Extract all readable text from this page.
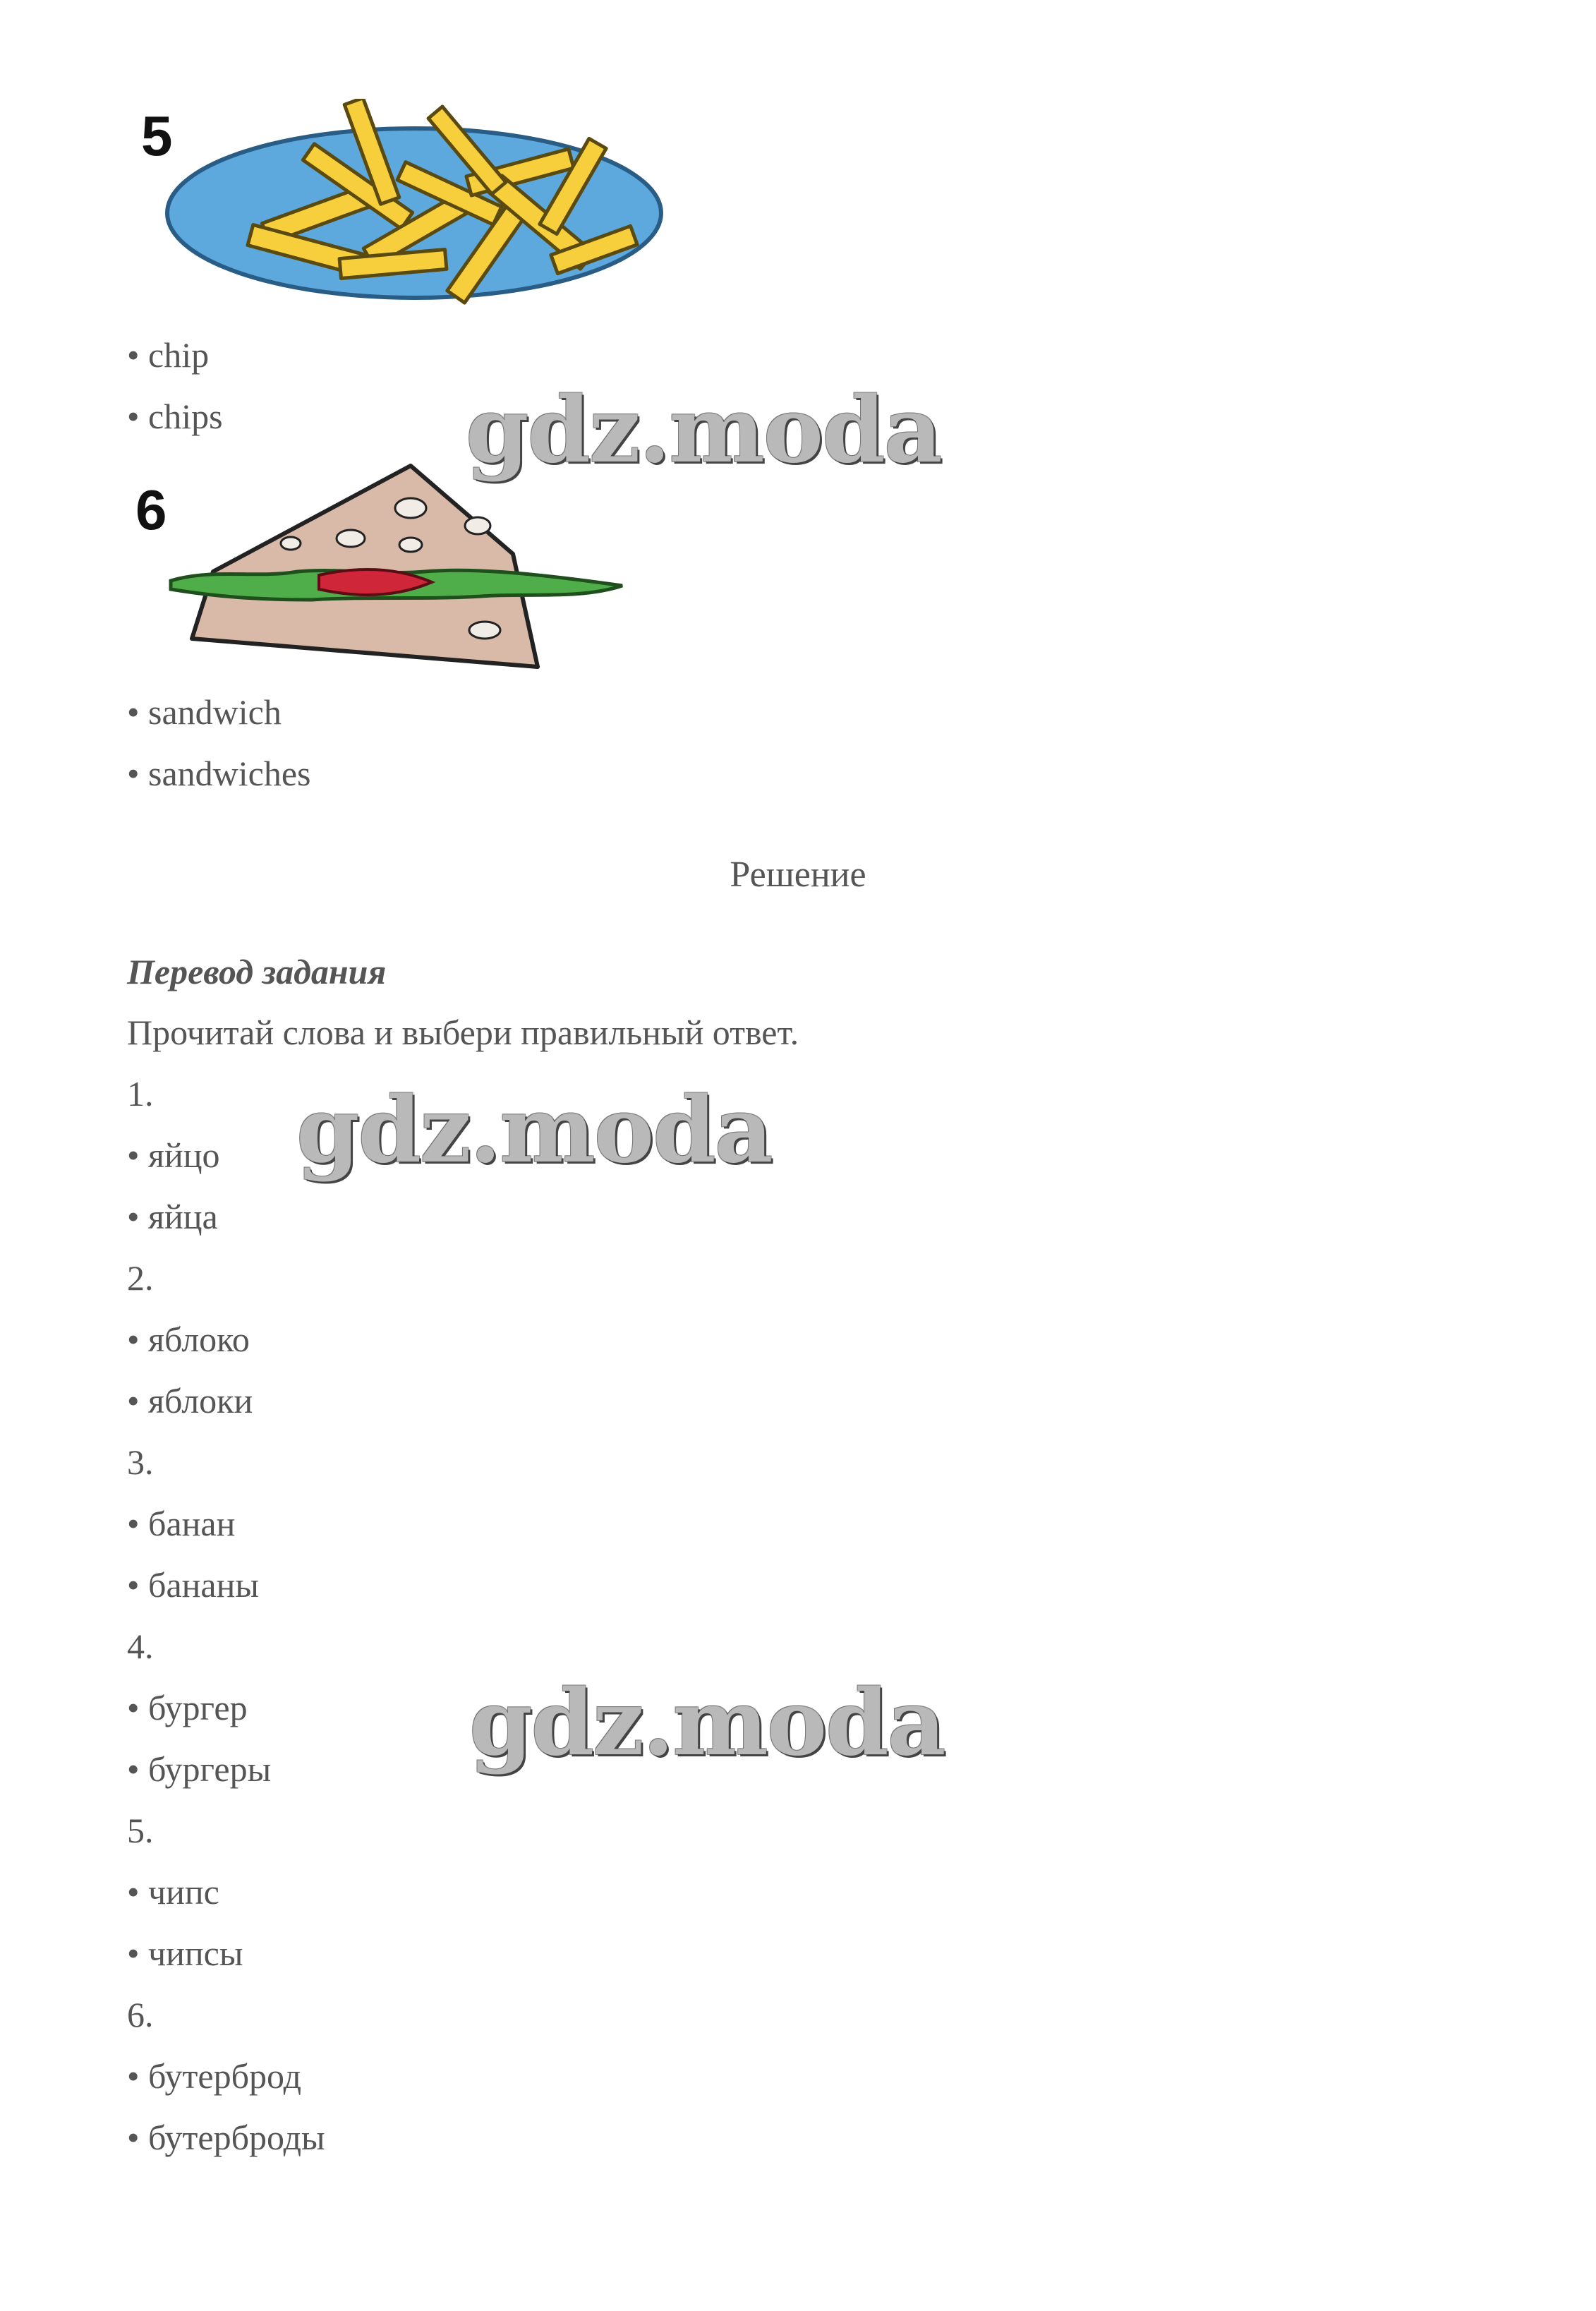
5
• chip
• chips
6
• sandwich
• sandwiches
Решение
Перевод задания
Прочитай слова и выбери правильный ответ.
1.
• яйцо
• яйца
2.
• яблоко
• яблоки
3.
• банан
• бананы
4.
• бургер
• бургеры
5.
• чипс
• чипсы
6.
• бутерброд
• бутерброды
gdz.moda
gdz.moda
gdz.moda
